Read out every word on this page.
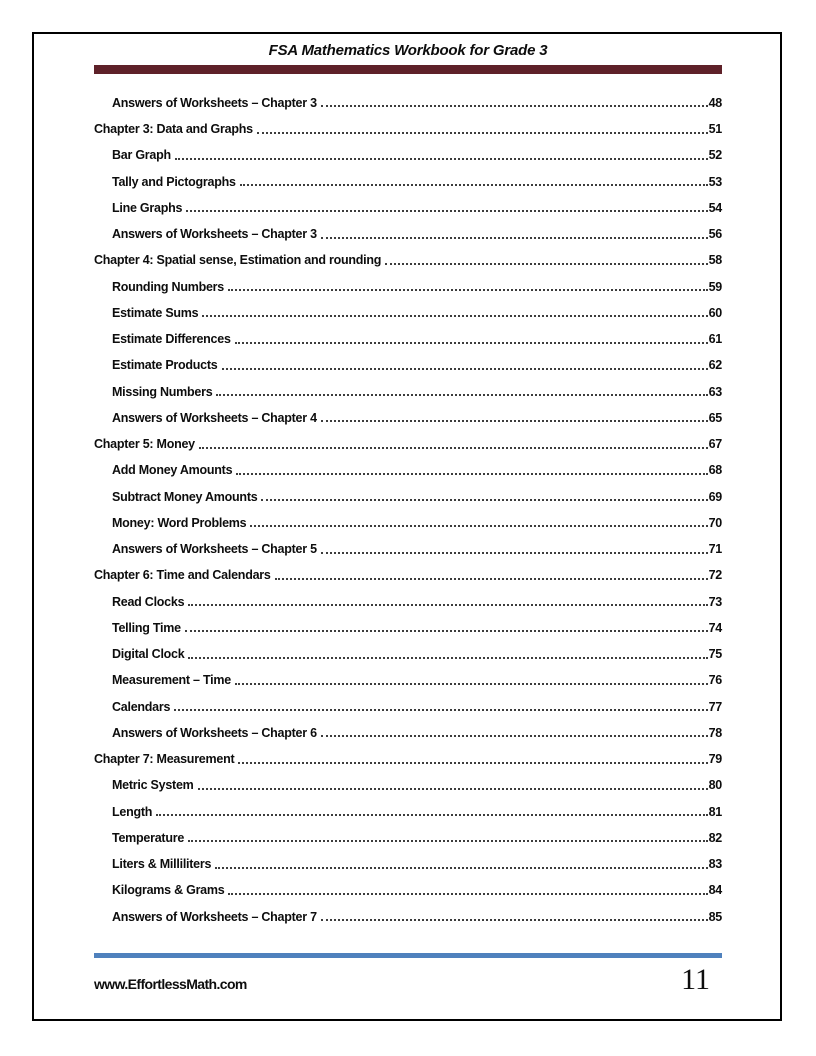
FSA Mathematics Workbook for Grade 3
Answers of Worksheets – Chapter 3	48
Chapter 3: Data and Graphs	51
Bar Graph	52
Tally and Pictographs	53
Line Graphs	54
Answers of Worksheets – Chapter 3	56
Chapter 4: Spatial sense, Estimation and rounding	58
Rounding Numbers	59
Estimate Sums	60
Estimate Differences	61
Estimate Products	62
Missing Numbers	63
Answers of Worksheets – Chapter 4	65
Chapter 5: Money	67
Add Money Amounts	68
Subtract Money Amounts	69
Money: Word Problems	70
Answers of Worksheets – Chapter 5	71
Chapter 6: Time and Calendars	72
Read Clocks	73
Telling Time	74
Digital Clock	75
Measurement – Time	76
Calendars	77
Answers of Worksheets – Chapter 6	78
Chapter 7: Measurement	79
Metric System	80
Length	81
Temperature	82
Liters & Milliliters	83
Kilograms & Grams	84
Answers of Worksheets – Chapter 7	85
www.EffortlessMath.com	11
